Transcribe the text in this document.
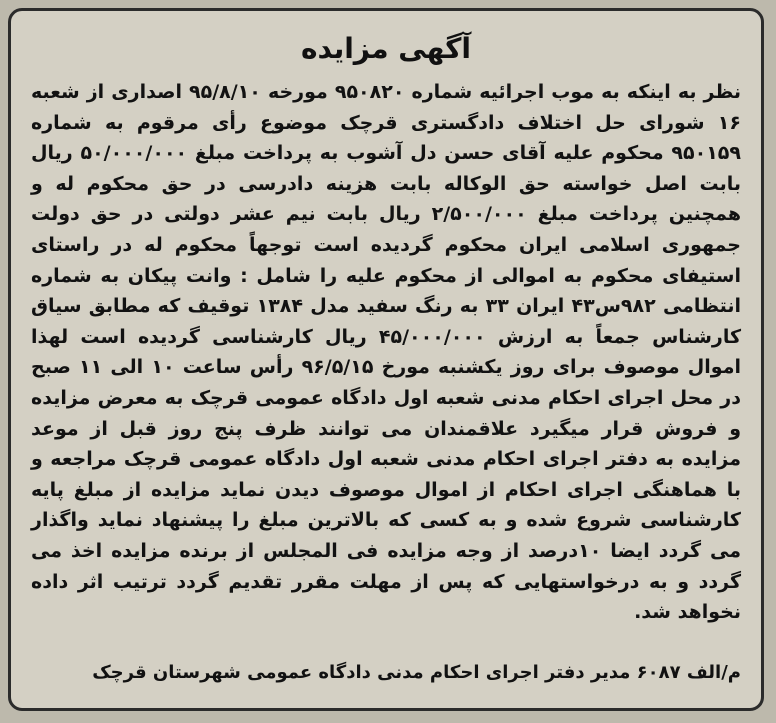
آگهی مزایده
نظر به اینکه به موب اجرائیه شماره ۹۵۰۸۲۰ مورخه ۹۵/۸/۱۰ اصداری از شعبه ۱۶ شورای حل اختلاف دادگستری قرچک موضوع رأی مرقوم به شماره ۹۵۰۱۵۹ محکوم علیه آقای حسن دل آشوب به پرداخت مبلغ ۵۰/۰۰۰/۰۰۰ ریال بابت اصل خواسته حق الوکاله بابت هزینه دادرسی در حق محکوم له و همچنین پرداخت مبلغ ۲/۵۰۰/۰۰۰ ریال بابت نیم عشر دولتی در حق دولت جمهوری اسلامی ایران محکوم گردیده است توجهاً محکوم له در راستای استیفای محکوم به اموالی از محکوم علیه را شامل : وانت پیکان به شماره انتظامی ۹۸۲س۴۳ ایران ۳۳ به رنگ سفید مدل ۱۳۸۴ توقیف که مطابق سیاق کارشناس جمعاً به ارزش ۴۵/۰۰۰/۰۰۰ ریال کارشناسی گردیده است لهذا اموال موصوف برای روز یکشنبه مورخ ۹۶/۵/۱۵ رأس ساعت ۱۰ الی ۱۱ صبح در محل اجرای احکام مدنی شعبه اول دادگاه عمومی قرچک به معرض مزایده و فروش قرار میگیرد علاقمندان می توانند ظرف پنج روز قبل از موعد مزایده به دفتر اجرای احکام مدنی شعبه اول دادگاه عمومی قرچک مراجعه و با هماهنگی اجرای احکام از اموال موصوف دیدن نماید مزایده از مبلغ پایه کارشناسی شروع شده و به کسی که بالاترین مبلغ را پیشنهاد نماید واگذار می گردد ایضا ۱۰درصد از وجه مزایده فی المجلس از برنده مزایده اخذ می گردد و به درخواستهایی که پس از مهلت مقرر تقدیم گردد ترتیب اثر داده نخواهد شد.
م/الف ۶۰۸۷ مدیر دفتر اجرای احکام مدنی دادگاه عمومی شهرستان قرچک
